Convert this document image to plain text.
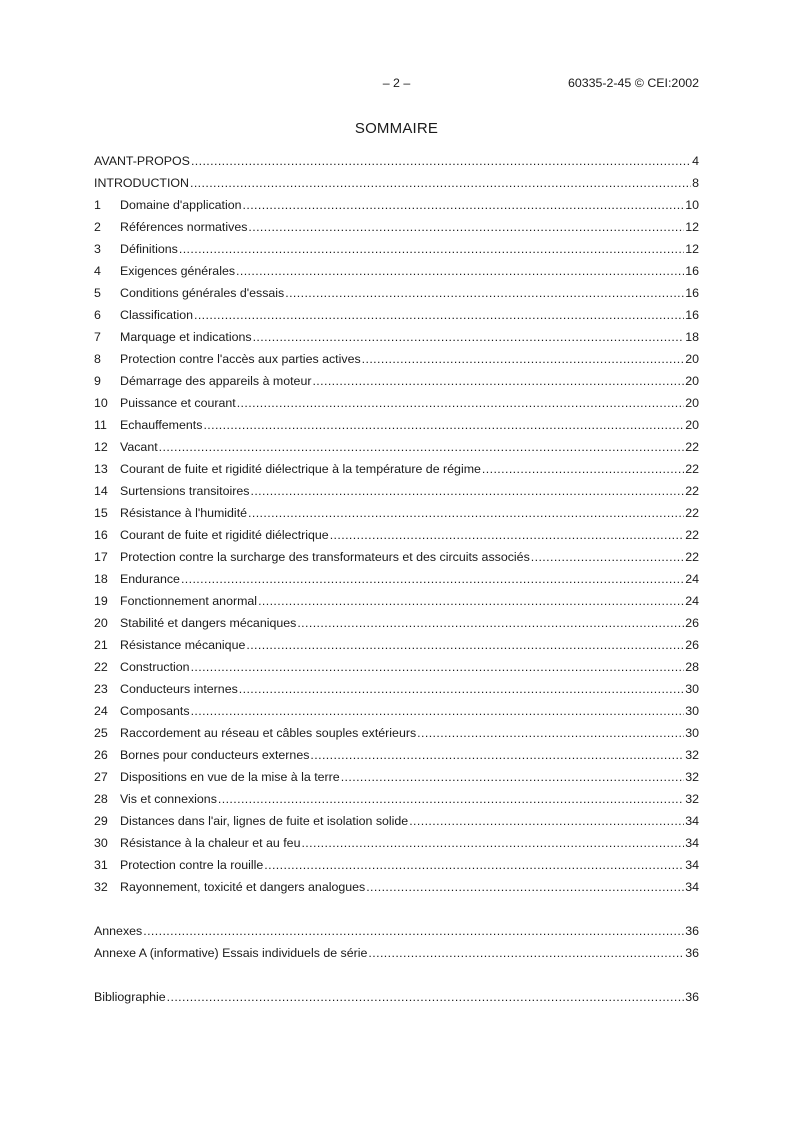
– 2 –	60335-2-45 © CEI:2002
SOMMAIRE
AVANT-PROPOS .....	4
INTRODUCTION .....	8
1	Domaine d'application .....	10
2	Références normatives .....	12
3	Définitions .....	12
4	Exigences générales .....	16
5	Conditions générales d'essais .....	16
6	Classification .....	16
7	Marquage et indications .....	18
8	Protection contre l'accès aux parties actives .....	20
9	Démarrage des appareils à moteur .....	20
10 Puissance et courant .....	20
11	Echauffements .....	20
12 Vacant .....	22
13 Courant de fuite et rigidité diélectrique à la température de régime .....	22
14 Surtensions transitoires .....	22
15 Résistance à l'humidité .....	22
16 Courant de fuite et rigidité diélectrique .....	22
17 Protection contre la surcharge des transformateurs et des circuits associés .....	22
18 Endurance .....	24
19 Fonctionnement anormal .....	24
20 Stabilité et dangers mécaniques .....	26
21 Résistance mécanique .....	26
22 Construction .....	28
23 Conducteurs internes .....	30
24 Composants .....	30
25 Raccordement au réseau et câbles souples extérieurs .....	30
26 Bornes pour conducteurs externes .....	32
27 Dispositions en vue de la mise à la terre .....	32
28 Vis et connexions .....	32
29 Distances dans l'air, lignes de fuite et isolation solide .....	34
30 Résistance à la chaleur et au feu .....	34
31 Protection contre la rouille .....	34
32 Rayonnement, toxicité et dangers analogues .....	34
Annexes .....	36
Annexe A (informative) Essais individuels de série .....	36
Bibliographie .....	36
